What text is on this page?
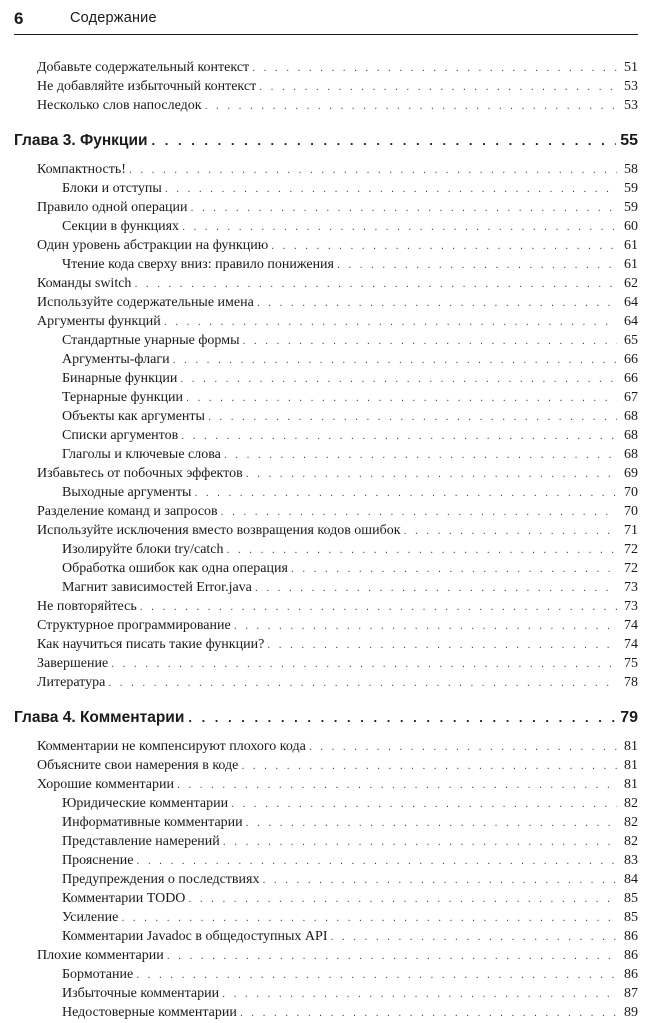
6	Содержание
Добавьте содержательный контекст . . .	51
Не добавляйте избыточный контекст . . .	53
Несколько слов напоследок . . .	53
Глава 3. Функции . . .	55
Компактность! . . .	58
Блоки и отступы . . .	59
Правило одной операции . . .	59
Секции в функциях . . .	60
Один уровень абстракции на функцию . . .	61
Чтение кода сверху вниз: правило понижения . . .	61
Команды switch . . .	62
Используйте содержательные имена . . .	64
Аргументы функций . . .	64
Стандартные унарные формы . . .	65
Аргументы-флаги . . .	66
Бинарные функции . . .	66
Тернарные функции . . .	67
Объекты как аргументы . . .	68
Списки аргументов . . .	68
Глаголы и ключевые слова . . .	68
Избавьтесь от побочных эффектов . . .	69
Выходные аргументы . . .	70
Разделение команд и запросов . . .	70
Используйте исключения вместо возвращения кодов ошибок . . .	71
Изолируйте блоки try/catch . . .	72
Обработка ошибок как одна операция . . .	72
Магнит зависимостей Error.java . . .	73
Не повторяйтесь . . .	73
Структурное программирование . . .	74
Как научиться писать такие функции? . . .	74
Завершение . . .	75
Литература . . .	78
Глава 4. Комментарии . . .	79
Комментарии не компенсируют плохого кода . . .	81
Объясните свои намерения в коде . . .	81
Хорошие комментарии . . .	81
Юридические комментарии . . .	82
Информативные комментарии . . .	82
Представление намерений . . .	82
Прояснение . . .	83
Предупреждения о последствиях . . .	84
Комментарии TODO . . .	85
Усиление . . .	85
Комментарии Javadoc в общедоступных API . . .	86
Плохие комментарии . . .	86
Бормотание . . .	86
Избыточные комментарии . . .	87
Недостоверные комментарии . . .	89
